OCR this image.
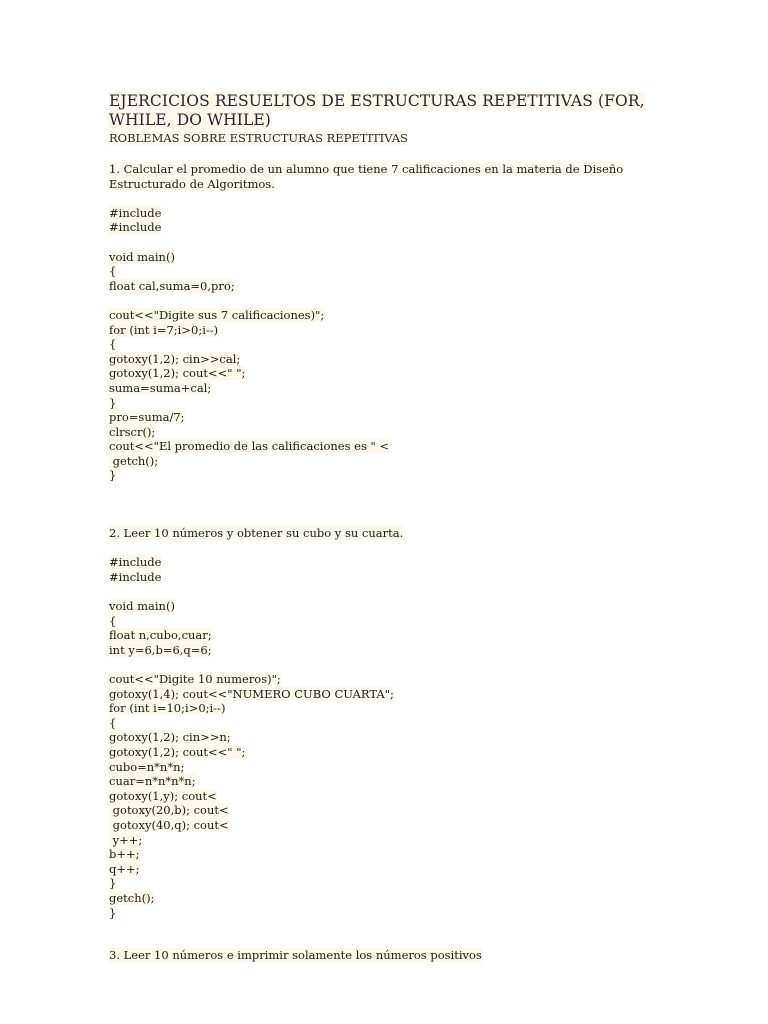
EJERCICIOS RESUELTOS DE ESTRUCTURAS REPETITIVAS (FOR, WHILE, DO WHILE)
ROBLEMAS SOBRE ESTRUCTURAS REPETITIVAS

1. Calcular el promedio de un alumno que tiene 7 calificaciones en la materia de Diseño Estructurado de Algoritmos.

#include
#include

void main()
{
float cal,suma=0,pro;

cout<<"Digite sus 7 calificaciones)";
for (int i=7;i>0;i--)
{
gotoxy(1,2); cin>>cal;
gotoxy(1,2); cout<<" ";
suma=suma+cal;
}
pro=suma/7;
clrscr();
cout<<"El promedio de las calificaciones es " <
getch();
}

2. Leer 10 números y obtener su cubo y su cuarta.

#include
#include

void main()
{
float n,cubo,cuar;
int y=6,b=6,q=6;

cout<<"Digite 10 numeros)";
gotoxy(1,4); cout<<"NUMERO CUBO CUARTA";
for (int i=10;i>0;i--)
{
gotoxy(1,2); cin>>n;
gotoxy(1,2); cout<<" ";
cubo=n*n*n;
cuar=n*n*n*n;
gotoxy(1,y); cout<
gotoxy(20,b); cout<
gotoxy(40,q); cout<
y++;
b++;
q++;
}
getch();
}

3. Leer 10 números e imprimir solamente los números positivos
